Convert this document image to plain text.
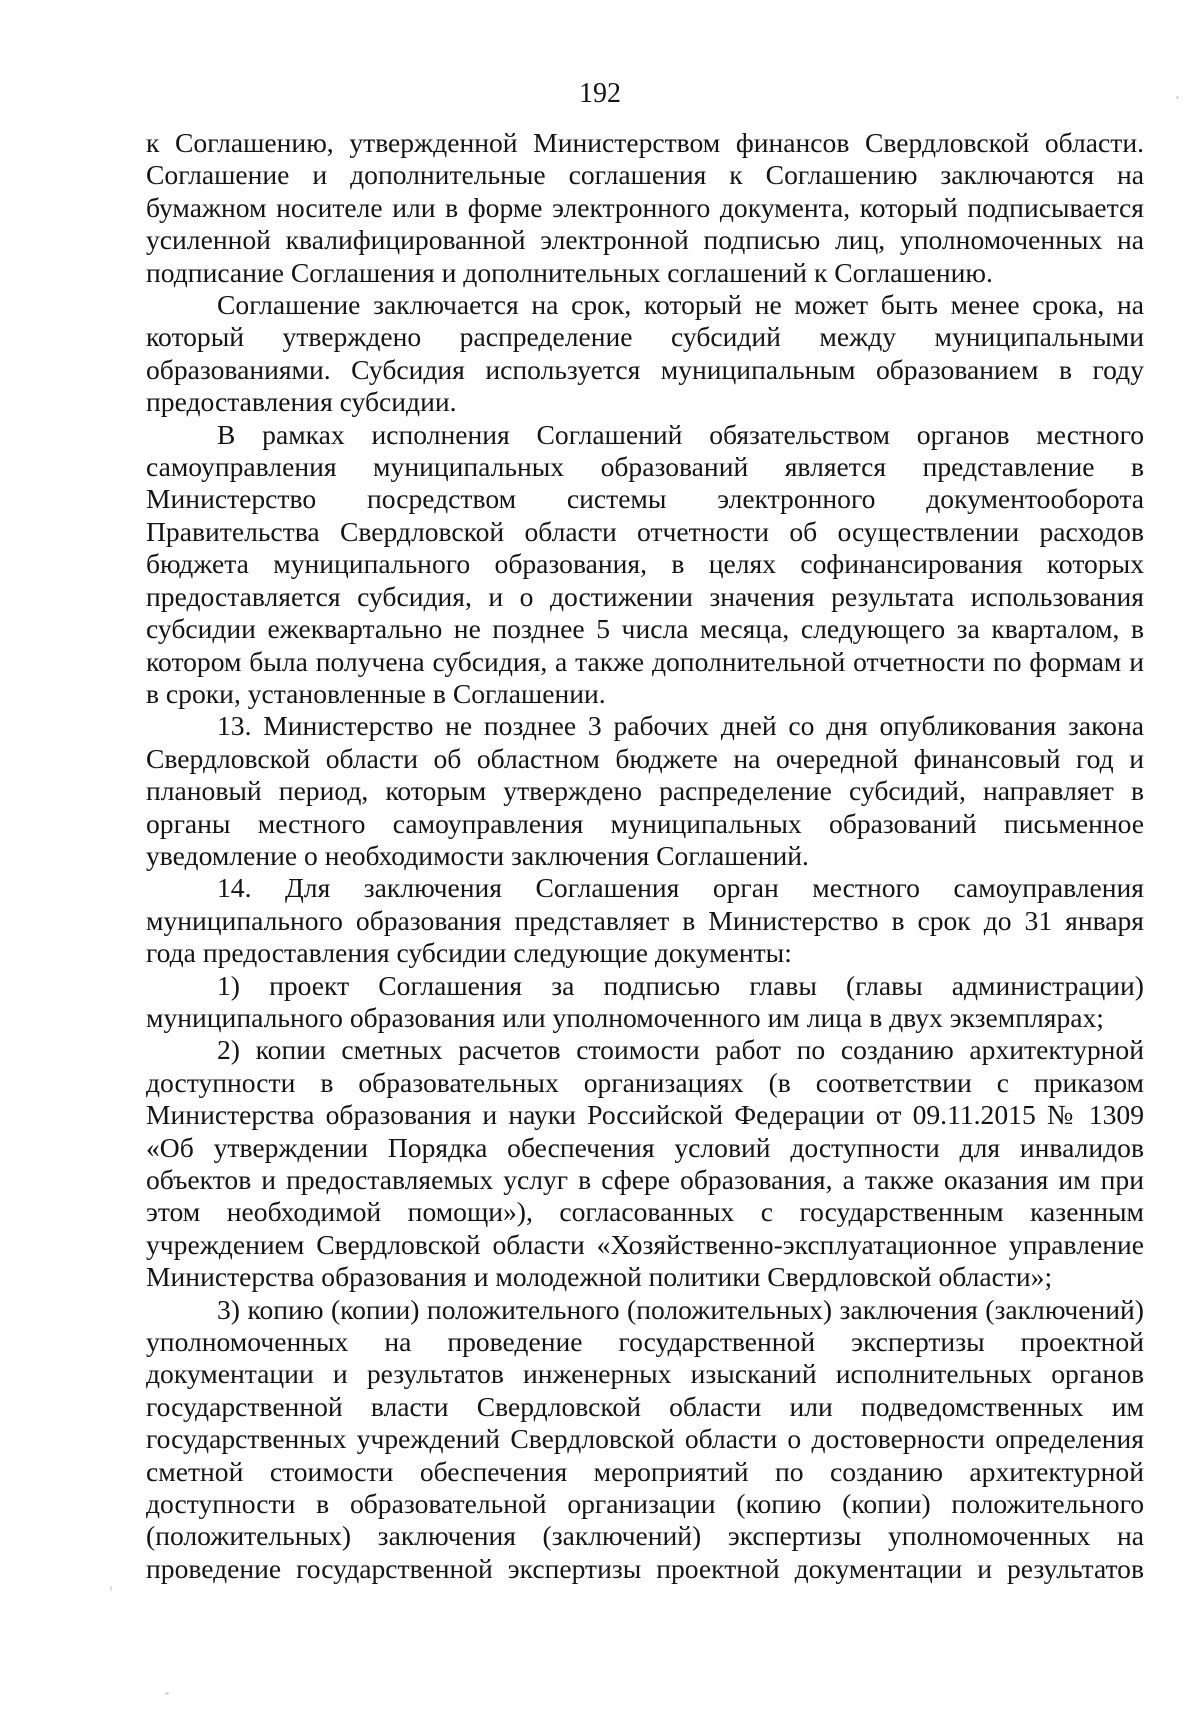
192

к Соглашению, утвержденной Министерством финансов Свердловской области. Соглашение и дополнительные соглашения к Соглашению заключаются на бумажном носителе или в форме электронного документа, который подписывается усиленной квалифицированной электронной подписью лиц, уполномоченных на подписание Соглашения и дополнительных соглашений к Соглашению.

Соглашение заключается на срок, который не может быть менее срока, на который утверждено распределение субсидий между муниципальными образованиями. Субсидия используется муниципальным образованием в году предоставления субсидии.

В рамках исполнения Соглашений обязательством органов местного самоуправления муниципальных образований является представление в Министерство посредством системы электронного документооборота Правительства Свердловской области отчетности об осуществлении расходов бюджета муниципального образования, в целях софинансирования которых предоставляется субсидия, и о достижении значения результата использования субсидии ежеквартально не позднее 5 числа месяца, следующего за кварталом, в котором была получена субсидия, а также дополнительной отчетности по формам и в сроки, установленные в Соглашении.

13. Министерство не позднее 3 рабочих дней со дня опубликования закона Свердловской области об областном бюджете на очередной финансовый год и плановый период, которым утверждено распределение субсидий, направляет в органы местного самоуправления муниципальных образований письменное уведомление о необходимости заключения Соглашений.

14. Для заключения Соглашения орган местного самоуправления муниципального образования представляет в Министерство в срок до 31 января года предоставления субсидии следующие документы:

1) проект Соглашения за подписью главы (главы администрации) муниципального образования или уполномоченного им лица в двух экземплярах;

2) копии сметных расчетов стоимости работ по созданию архитектурной доступности в образовательных организациях (в соответствии с приказом Министерства образования и науки Российской Федерации от 09.11.2015 № 1309 «Об утверждении Порядка обеспечения условий доступности для инвалидов объектов и предоставляемых услуг в сфере образования, а также оказания им при этом необходимой помощи»), согласованных с государственным казенным учреждением Свердловской области «Хозяйственно-эксплуатационное управление Министерства образования и молодежной политики Свердловской области»;

3) копию (копии) положительного (положительных) заключения (заключений) уполномоченных на проведение государственной экспертизы проектной документации и результатов инженерных изысканий исполнительных органов государственной власти Свердловской области или подведомственных им государственных учреждений Свердловской области о достоверности определения сметной стоимости обеспечения мероприятий по созданию архитектурной доступности в образовательной организации (копию (копии) положительного (положительных) заключения (заключений) экспертизы уполномоченных на проведение государственной экспертизы проектной документации и результатов
